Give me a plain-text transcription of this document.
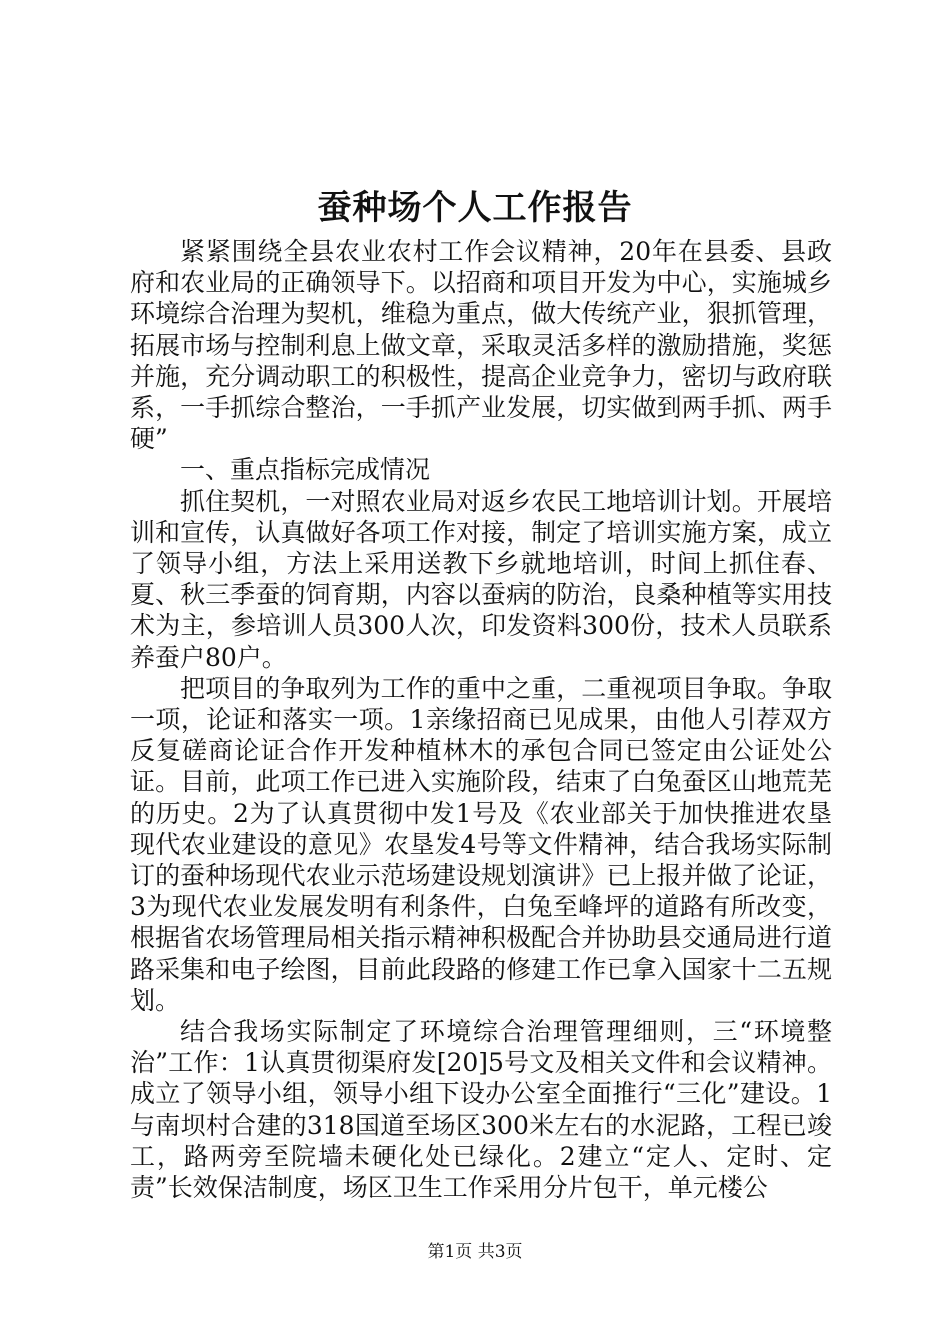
蚕种场个人工作报告

紧紧围绕全县农业农村工作会议精神，20年在县委、县政府和农业局的正确领导下。以招商和项目开发为中心，实施城乡环境综合治理为契机，维稳为重点，做大传统产业，狠抓管理，拓展市场与控制利息上做文章，采取灵活多样的激励措施，奖惩并施，充分调动职工的积极性，提高企业竞争力，密切与政府联系，一手抓综合整治，一手抓产业发展，切实做到两手抓、两手硬”

一、重点指标完成情况

抓住契机，一对照农业局对返乡农民工地培训计划。开展培训和宣传，认真做好各项工作对接，制定了培训实施方案，成立了领导小组，方法上采用送教下乡就地培训，时间上抓住春、夏、秋三季蚕的饲育期，内容以蚕病的防治，良桑种植等实用技术为主，参培训人员300人次，印发资料300份，技术人员联系养蚕户80户。

把项目的争取列为工作的重中之重，二重视项目争取。争取一项，论证和落实一项。1亲缘招商已见成果，由他人引荐双方反复磋商论证合作开发种植林木的承包合同已签定由公证处公证。目前，此项工作已进入实施阶段，结束了白兔蚕区山地荒芜的历史。2为了认真贯彻中发1号及《农业部关于加快推进农垦现代农业建设的意见》农垦发4号等文件精神，结合我场实际制订的蚕种场现代农业示范场建设规划演讲》已上报并做了论证，3为现代农业发展发明有利条件，白兔至峰坪的道路有所改变，根据省农场管理局相关指示精神积极配合并协助县交通局进行道路采集和电子绘图，目前此段路的修建工作已拿入国家十二五规划。

结合我场实际制定了环境综合治理管理细则，三“环境整治”工作：1认真贯彻渠府发[20]5号文及相关文件和会议精神。成立了领导小组，领导小组下设办公室全面推行“三化”建设。1与南坝村合建的318国道至场区300米左右的水泥路，工程已竣工，路两旁至院墙未硬化处已绿化。2建立“定人、定时、定责”长效保洁制度，场区卫生工作采用分片包干，单元楼公

第1页 共3页
